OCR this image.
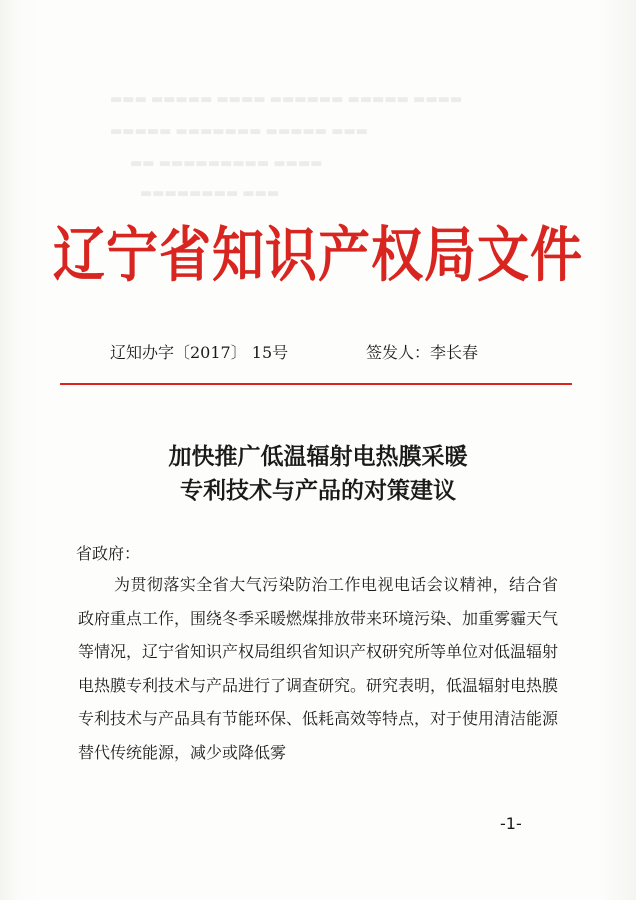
▬▬▬ ▬▬▬▬▬ ▬▬▬▬ ▬▬▬▬▬▬ ▬▬▬▬▬ ▬▬▬▬
▬▬▬▬▬ ▬▬▬▬▬▬▬ ▬▬▬▬▬ ▬▬▬
▬▬ ▬▬▬▬▬▬▬▬▬ ▬▬▬▬
▬▬▬▬▬▬▬▬ ▬▬▬
辽宁省知识产权局文件
辽知办字〔2017〕 15号	签发人：李长春
加快推广低温辐射电热膜采暖
专利技术与产品的对策建议
省政府：

为贯彻落实全省大气污染防治工作电视电话会议精神，结合省政府重点工作，围绕冬季采暖燃煤排放带来环境污染、加重雾霾天气等情况，辽宁省知识产权局组织省知识产权研究所等单位对低温辐射电热膜专利技术与产品进行了调查研究。研究表明，低温辐射电热膜专利技术与产品具有节能环保、低耗高效等特点，对于使用清洁能源替代传统能源，减少或降低雾

-1-
